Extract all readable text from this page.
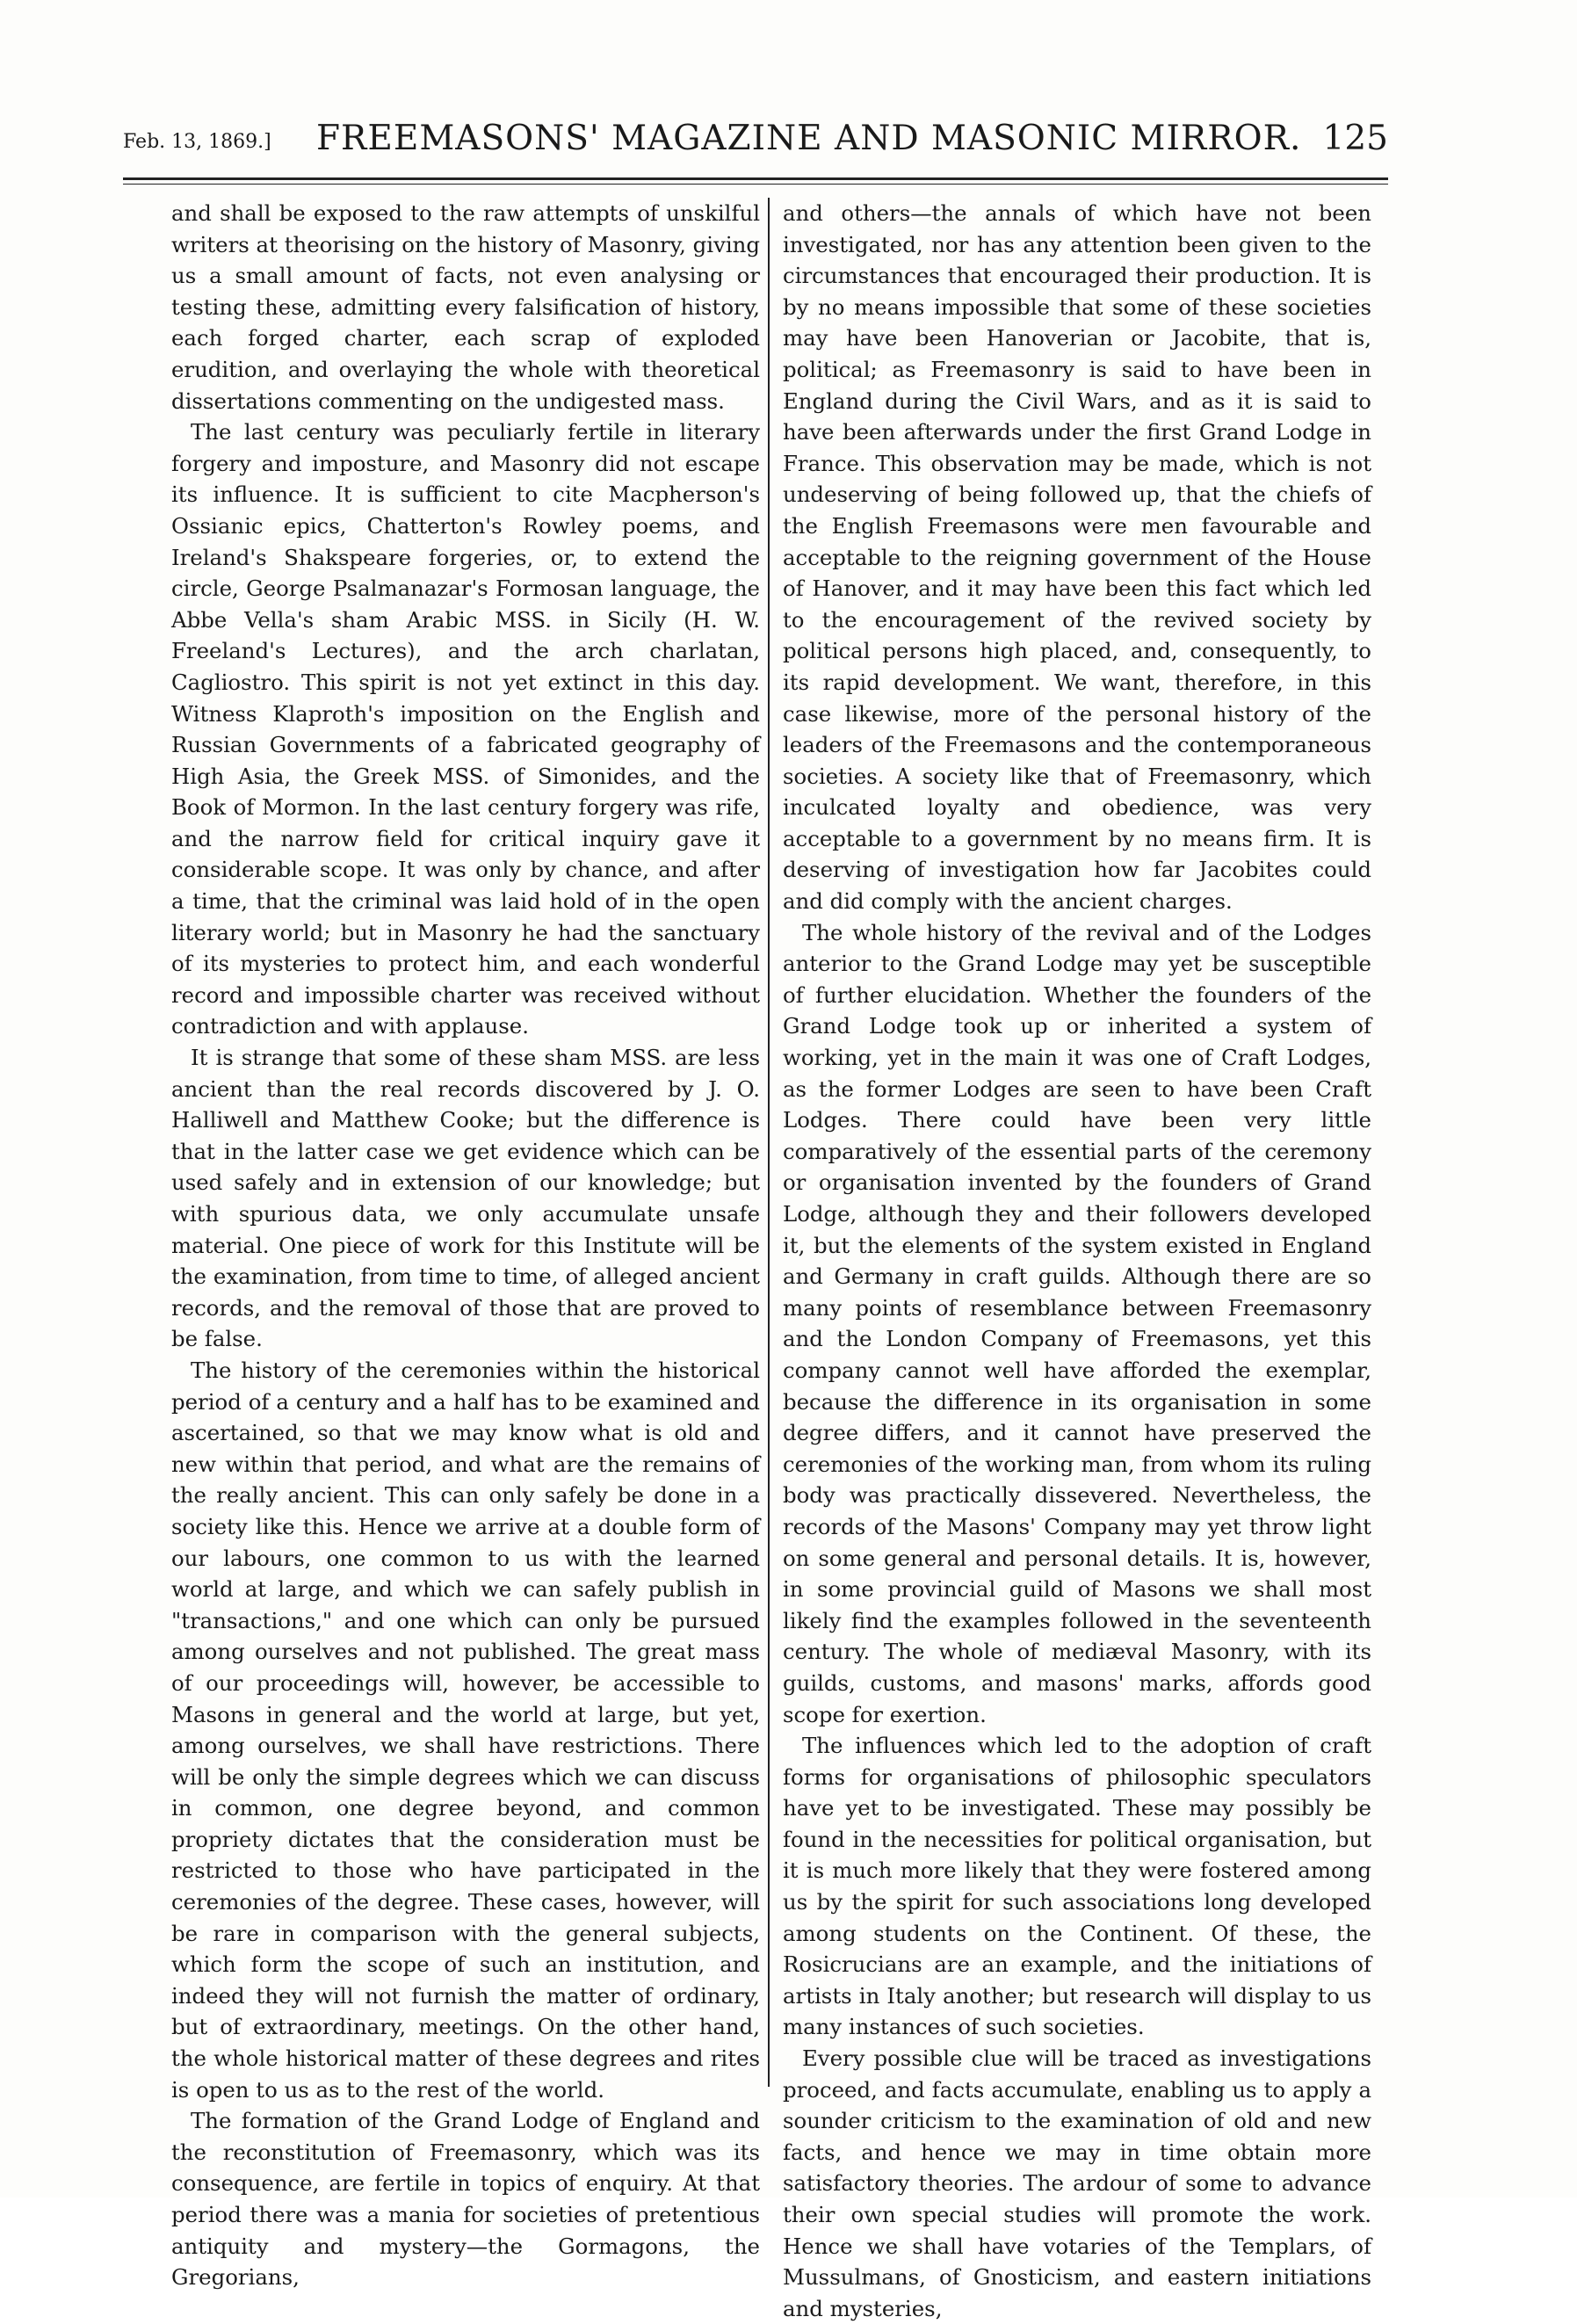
Feb. 13, 1869.] FREEMASONS' MAGAZINE AND MASONIC MIRROR. 125

and shall be exposed to the raw attempts of unskilful writers at theorising on the history of Masonry, giving us a small amount of facts, not even analysing or testing these, admitting every falsification of history, each forged charter, each scrap of exploded erudition, and overlaying the whole with theoretical dissertations commenting on the undigested mass.

The last century was peculiarly fertile in literary forgery and imposture, and Masonry did not escape its influence. It is sufficient to cite Macpherson's Ossianic epics, Chatterton's Rowley poems, and Ireland's Shakspeare forgeries, or, to extend the circle, George Psalmanazar's Formosan language, the Abbe Vella's sham Arabic MSS. in Sicily (H. W. Freeland's Lectures), and the arch charlatan, Cagliostro. This spirit is not yet extinct in this day. Witness Klaproth's imposition on the English and Russian Governments of a fabricated geography of High Asia, the Greek MSS. of Simonides, and the Book of Mormon. In the last century forgery was rife, and the narrow field for critical inquiry gave it considerable scope. It was only by chance, and after a time, that the criminal was laid hold of in the open literary world; but in Masonry he had the sanctuary of its mysteries to protect him, and each wonderful record and impossible charter was received without contradiction and with applause.

It is strange that some of these sham MSS. are less ancient than the real records discovered by J. O. Halliwell and Matthew Cooke; but the difference is that in the latter case we get evidence which can be used safely and in extension of our knowledge; but with spurious data, we only accumulate unsafe material. One piece of work for this Institute will be the examination, from time to time, of alleged ancient records, and the removal of those that are proved to be false.

The history of the ceremonies within the historical period of a century and a half has to be examined and ascertained, so that we may know what is old and new within that period, and what are the remains of the really ancient. This can only safely be done in a society like this. Hence we arrive at a double form of our labours, one common to us with the learned world at large, and which we can safely publish in "transactions," and one which can only be pursued among ourselves and not published. The great mass of our proceedings will, however, be accessible to Masons in general and the world at large, but yet, among ourselves, we shall have restrictions. There will be only the simple degrees which we can discuss in common, one degree beyond, and common propriety dictates that the consideration must be restricted to those who have participated in the ceremonies of the degree. These cases, however, will be rare in comparison with the general subjects, which form the scope of such an institution, and indeed they will not furnish the matter of ordinary, but of extraordinary, meetings. On the other hand, the whole historical matter of these degrees and rites is open to us as to the rest of the world.

The formation of the Grand Lodge of England and the reconstitution of Freemasonry, which was its consequence, are fertile in topics of enquiry. At that period there was a mania for societies of pretentious antiquity and mystery—the Gormagons, the Gregorians,

and others—the annals of which have not been investigated, nor has any attention been given to the circumstances that encouraged their production. It is by no means impossible that some of these societies may have been Hanoverian or Jacobite, that is, political; as Freemasonry is said to have been in England during the Civil Wars, and as it is said to have been afterwards under the first Grand Lodge in France. This observation may be made, which is not undeserving of being followed up, that the chiefs of the English Freemasons were men favourable and acceptable to the reigning government of the House of Hanover, and it may have been this fact which led to the encouragement of the revived society by political persons high placed, and, consequently, to its rapid development. We want, therefore, in this case likewise, more of the personal history of the leaders of the Freemasons and the contemporaneous societies. A society like that of Freemasonry, which inculcated loyalty and obedience, was very acceptable to a government by no means firm. It is deserving of investigation how far Jacobites could and did comply with the ancient charges.

The whole history of the revival and of the Lodges anterior to the Grand Lodge may yet be susceptible of further elucidation. Whether the founders of the Grand Lodge took up or inherited a system of working, yet in the main it was one of Craft Lodges, as the former Lodges are seen to have been Craft Lodges. There could have been very little comparatively of the essential parts of the ceremony or organisation invented by the founders of Grand Lodge, although they and their followers developed it, but the elements of the system existed in England and Germany in craft guilds. Although there are so many points of resemblance between Freemasonry and the London Company of Freemasons, yet this company cannot well have afforded the exemplar, because the difference in its organisation in some degree differs, and it cannot have preserved the ceremonies of the working man, from whom its ruling body was practically dissevered. Nevertheless, the records of the Masons' Company may yet throw light on some general and personal details. It is, however, in some provincial guild of Masons we shall most likely find the examples followed in the seventeenth century. The whole of mediæval Masonry, with its guilds, customs, and masons' marks, affords good scope for exertion.

The influences which led to the adoption of craft forms for organisations of philosophic speculators have yet to be investigated. These may possibly be found in the necessities for political organisation, but it is much more likely that they were fostered among us by the spirit for such associations long developed among students on the Continent. Of these, the Rosicrucians are an example, and the initiations of artists in Italy another; but research will display to us many instances of such societies.

Every possible clue will be traced as investigations proceed, and facts accumulate, enabling us to apply a sounder criticism to the examination of old and new facts, and hence we may in time obtain more satisfactory theories. The ardour of some to advance their own special studies will promote the work. Hence we shall have votaries of the Templars, of Mussulmans, of Gnosticism, and eastern initiations and mysteries,
